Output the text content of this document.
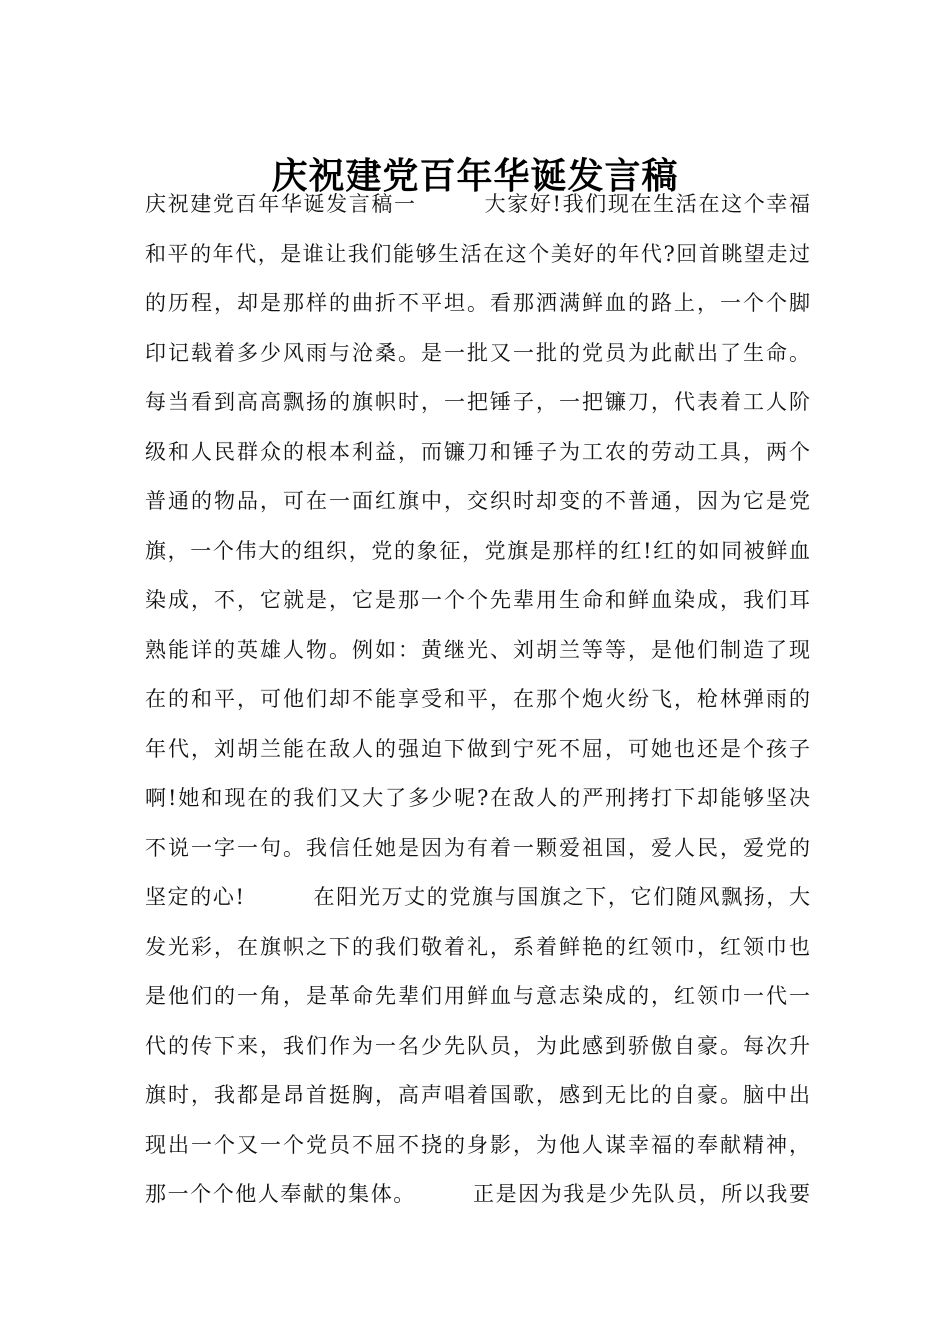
庆祝建党百年华诞发言稿
庆祝建党百年华诞发言稿一　　　大家好!我们现在生活在这个幸福
和平的年代，是谁让我们能够生活在这个美好的年代?回首眺望走过
的历程，却是那样的曲折不平坦。看那洒满鲜血的路上，一个个脚
印记载着多少风雨与沧桑。是一批又一批的党员为此献出了生命。
每当看到高高飘扬的旗帜时，一把锤子，一把镰刀，代表着工人阶
级和人民群众的根本利益，而镰刀和锤子为工农的劳动工具，两个
普通的物品，可在一面红旗中，交织时却变的不普通，因为它是党
旗，一个伟大的组织，党的象征，党旗是那样的红!红的如同被鲜血
染成，不，它就是，它是那一个个先辈用生命和鲜血染成，我们耳
熟能详的英雄人物。例如：黄继光、刘胡兰等等，是他们制造了现
在的和平，可他们却不能享受和平，在那个炮火纷飞，枪林弹雨的
年代，刘胡兰能在敌人的强迫下做到宁死不屈，可她也还是个孩子
啊!她和现在的我们又大了多少呢?在敌人的严刑拷打下却能够坚决
不说一字一句。我信任她是因为有着一颗爱祖国，爱人民，爱党的
坚定的心!　　　在阳光万丈的党旗与国旗之下，它们随风飘扬，大
发光彩，在旗帜之下的我们敬着礼，系着鲜艳的红领巾，红领巾也
是他们的一角，是革命先辈们用鲜血与意志染成的，红领巾一代一
代的传下来，我们作为一名少先队员，为此感到骄傲自豪。每次升
旗时，我都是昂首挺胸，高声唱着国歌，感到无比的自豪。脑中出
现出一个又一个党员不屈不挠的身影，为他人谋幸福的奉献精神，
那一个个他人奉献的集体。　　　正是因为我是少先队员，所以我要
